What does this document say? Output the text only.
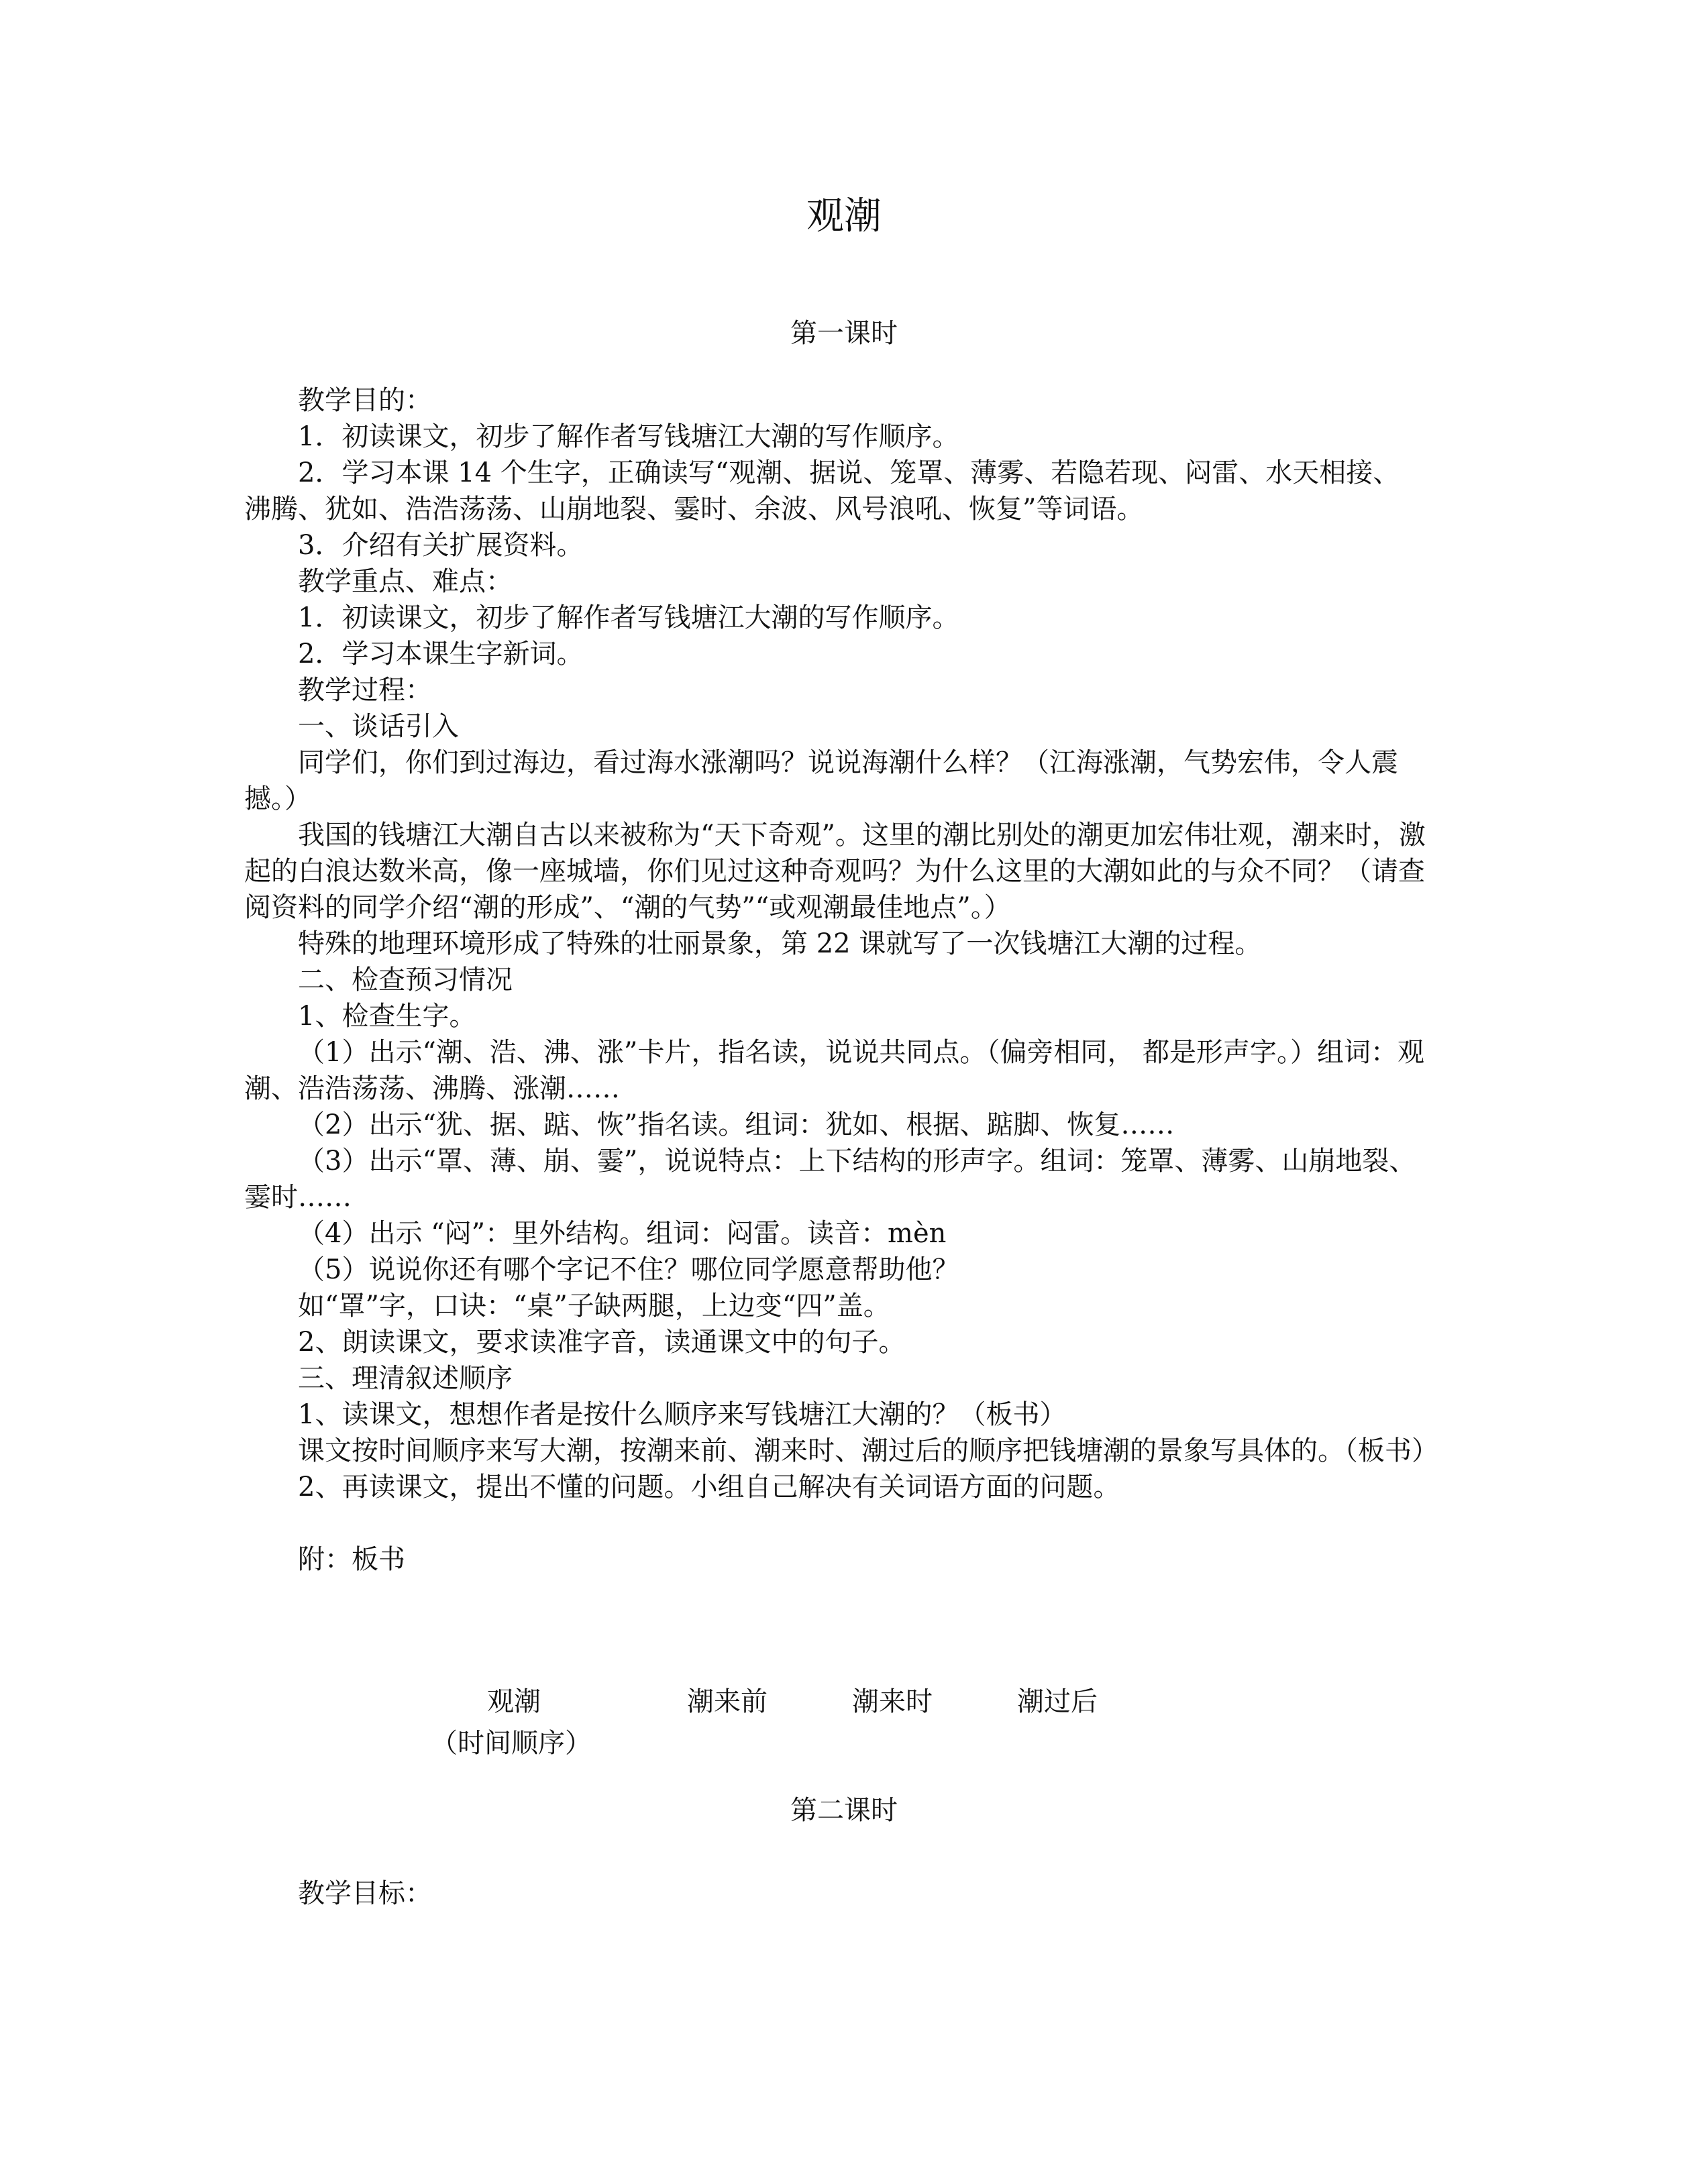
观潮
第一课时

教学目的：

1．初读课文，初步了解作者写钱塘江大潮的写作顺序。

2．学习本课 14 个生字，正确读写“观潮、据说、笼罩、薄雾、若隐若现、闷雷、水天相接、沸腾、犹如、浩浩荡荡、山崩地裂、霎时、余波、风号浪吼、恢复”等词语。

3．介绍有关扩展资料。

教学重点、难点：

1．初读课文，初步了解作者写钱塘江大潮的写作顺序。

2．学习本课生字新词。

教学过程：

一、谈话引入

同学们，你们到过海边，看过海水涨潮吗？说说海潮什么样？（江海涨潮，气势宏伟，令人震撼。）

我国的钱塘江大潮自古以来被称为“天下奇观”。这里的潮比别处的潮更加宏伟壮观，潮来时，激起的白浪达数米高，像一座城墙，你们见过这种奇观吗？为什么这里的大潮如此的与众不同？（请查阅资料的同学介绍“潮的形成”、“潮的气势”“或观潮最佳地点”。）

特殊的地理环境形成了特殊的壮丽景象，第 22 课就写了一次钱塘江大潮的过程。

二、检查预习情况

1、检查生字。

（1）出示“潮、浩、沸、涨”卡片，指名读，说说共同点。（偏旁相同， 都是形声字。）组词：观潮、浩浩荡荡、沸腾、涨潮……

（2）出示“犹、据、踮、恢”指名读。组词：犹如、根据、踮脚、恢复……

（3）出示“罩、薄、崩、霎”，说说特点：上下结构的形声字。组词：笼罩、薄雾、山崩地裂、霎时……

（4）出示 “闷”：里外结构。组词：闷雷。读音：mèn

（5）说说你还有哪个字记不住？哪位同学愿意帮助他？

如“罩”字，口诀：“桌”子缺两腿，上边变“四”盖。

2、朗读课文，要求读准字音，读通课文中的句子。

三、理清叙述顺序

1、读课文，想想作者是按什么顺序来写钱塘江大潮的？（板书）

课文按时间顺序来写大潮，按潮来前、潮来时、潮过后的顺序把钱塘潮的景象写具体的。（板书）

2、再读课文，提出不懂的问题。小组自己解决有关词语方面的问题。

附：板书

观潮	潮来前	潮来时	潮过后
（时间顺序）
第二课时
教学目标：
